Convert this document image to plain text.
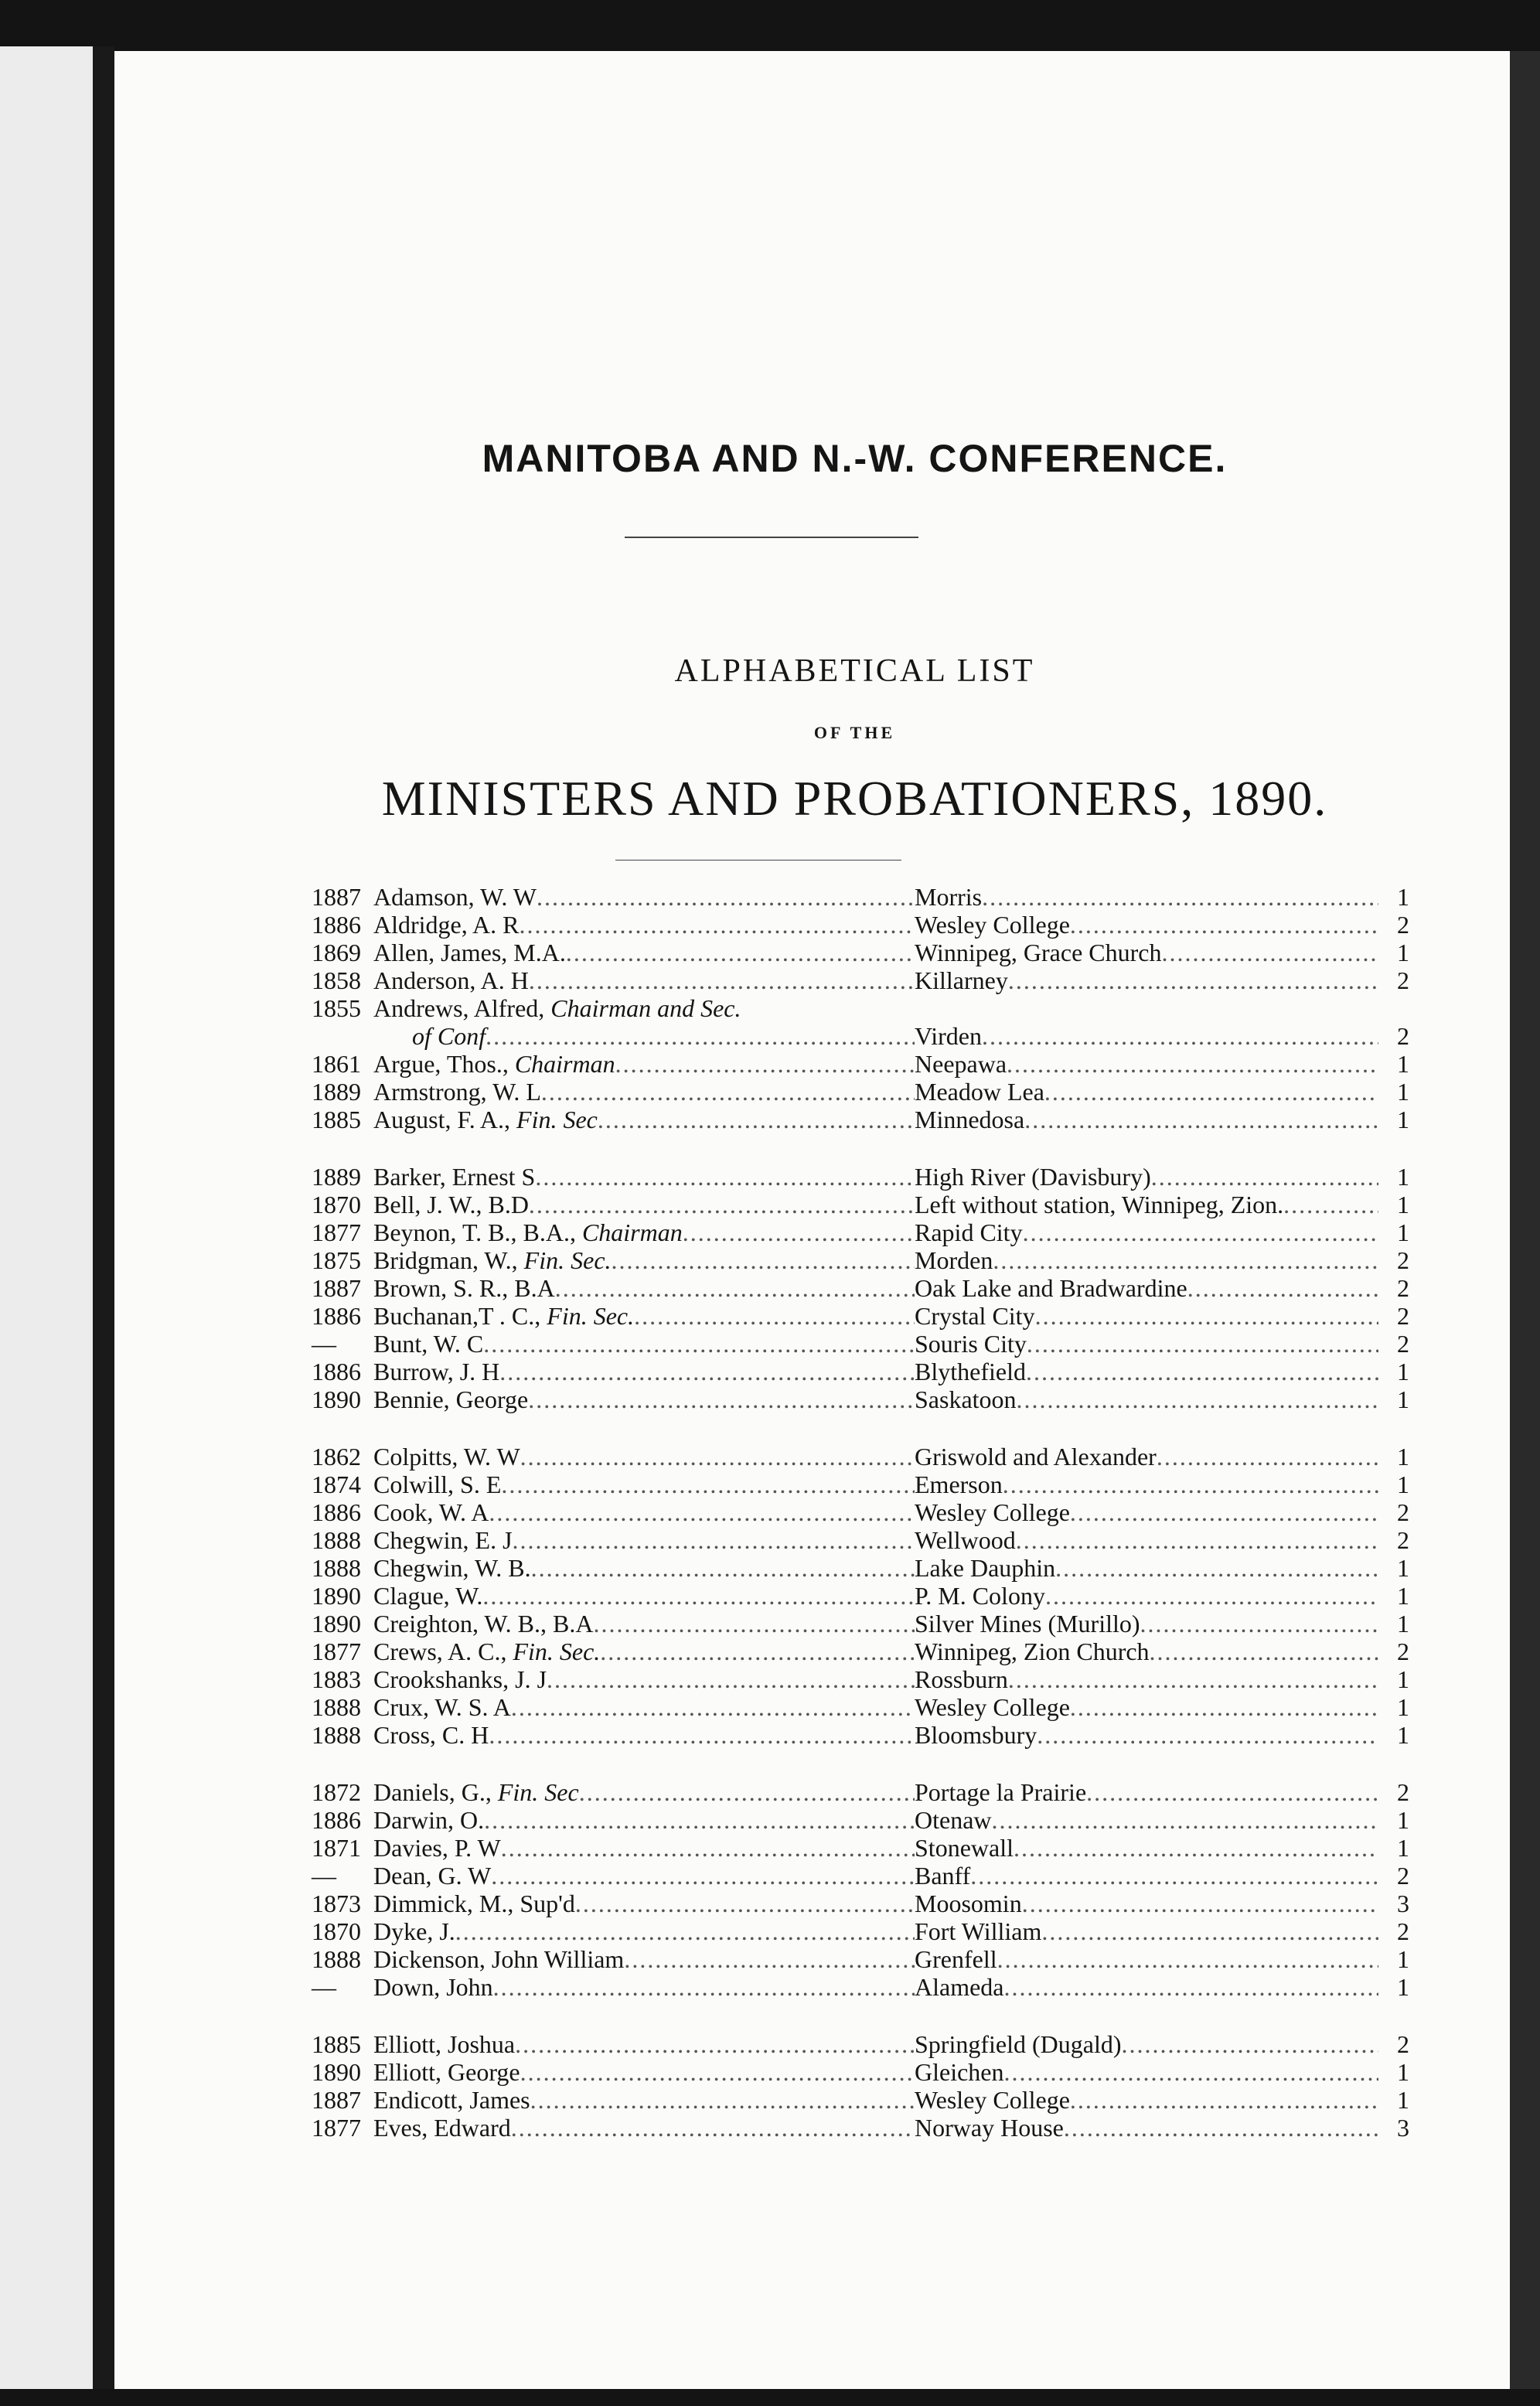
MANITOBA AND N.-W. CONFERENCE.
ALPHABETICAL LIST
OF THE
MINISTERS AND PROBATIONERS, 1890.
1887 Adamson, W. W .....	Morris .....	1
1886 Aldridge, A. R .....	Wesley College .....	2
1869 Allen, James, M.A. .....	Winnipeg, Grace Church .....	1
1858 Anderson, A. H .....	Killarney .....	2
1855 Andrews, Alfred, Chairman and Sec.
of Conf .....	Virden .....	2
1861 Argue, Thos., Chairman .....	Neepawa .....	1
1889 Armstrong, W. L .....	Meadow Lea .....	1
1885 August, F. A., Fin. Sec .....	Minnedosa .....	1
1889 Barker, Ernest S .....	High River (Davisbury) .....	1
1870 Bell, J. W., B.D .....	Left without station, Winnipeg, Zion. .....	1
1877 Beynon, T. B., B.A., Chairman .....	Rapid City .....	1
1875 Bridgman, W., Fin. Sec. .....	Morden .....	2
1887 Brown, S. R., B.A .....	Oak Lake and Bradwardine .....	2
1886 Buchanan,T . C., Fin. Sec. .....	Crystal City .....	2
—	Bunt, W. C .....	Souris City .....	2
1886 Burrow, J. H .....	Blythefield .....	1
1890 Bennie, George .....	Saskatoon .....	1
1862 Colpitts, W. W .....	Griswold and Alexander .....	1
1874 Colwill, S. E .....	Emerson .....	1
1886 Cook, W. A .....	Wesley College .....	2
1888 Chegwin, E. J .....	Wellwood .....	2
1888 Chegwin, W. B. .....	Lake Dauphin .....	1
1890 Clague, W. .....	P. M. Colony .....	1
1890 Creighton, W. B., B.A .....	Silver Mines (Murillo) .....	1
1877 Crews, A. C., Fin. Sec. .....	Winnipeg, Zion Church .....	2
1883 Crookshanks, J. J .....	Rossburn .....	1
1888 Crux, W. S. A .....	Wesley College .....	1
1888 Cross, C. H .....	Bloomsbury .....	1
1872 Daniels, G., Fin. Sec .....	Portage la Prairie .....	2
1886 Darwin, O. .....	Otenaw .....	1
1871 Davies, P. W .....	Stonewall .....	1
—	Dean, G. W .....	Banff .....	2
1873 Dimmick, M., Sup'd .....	Moosomin .....	3
1870 Dyke, J. .....	Fort William .....	2
1888 Dickenson, John William .....	Grenfell .....	1
—	Down, John .....	Alameda .....	1
1885 Elliott, Joshua .....	Springfield (Dugald) .....	2
1890 Elliott, George .....	Gleichen .....	1
1887 Endicott, James .....	Wesley College .....	1
1877 Eves, Edward .....	Norway House .....	3
